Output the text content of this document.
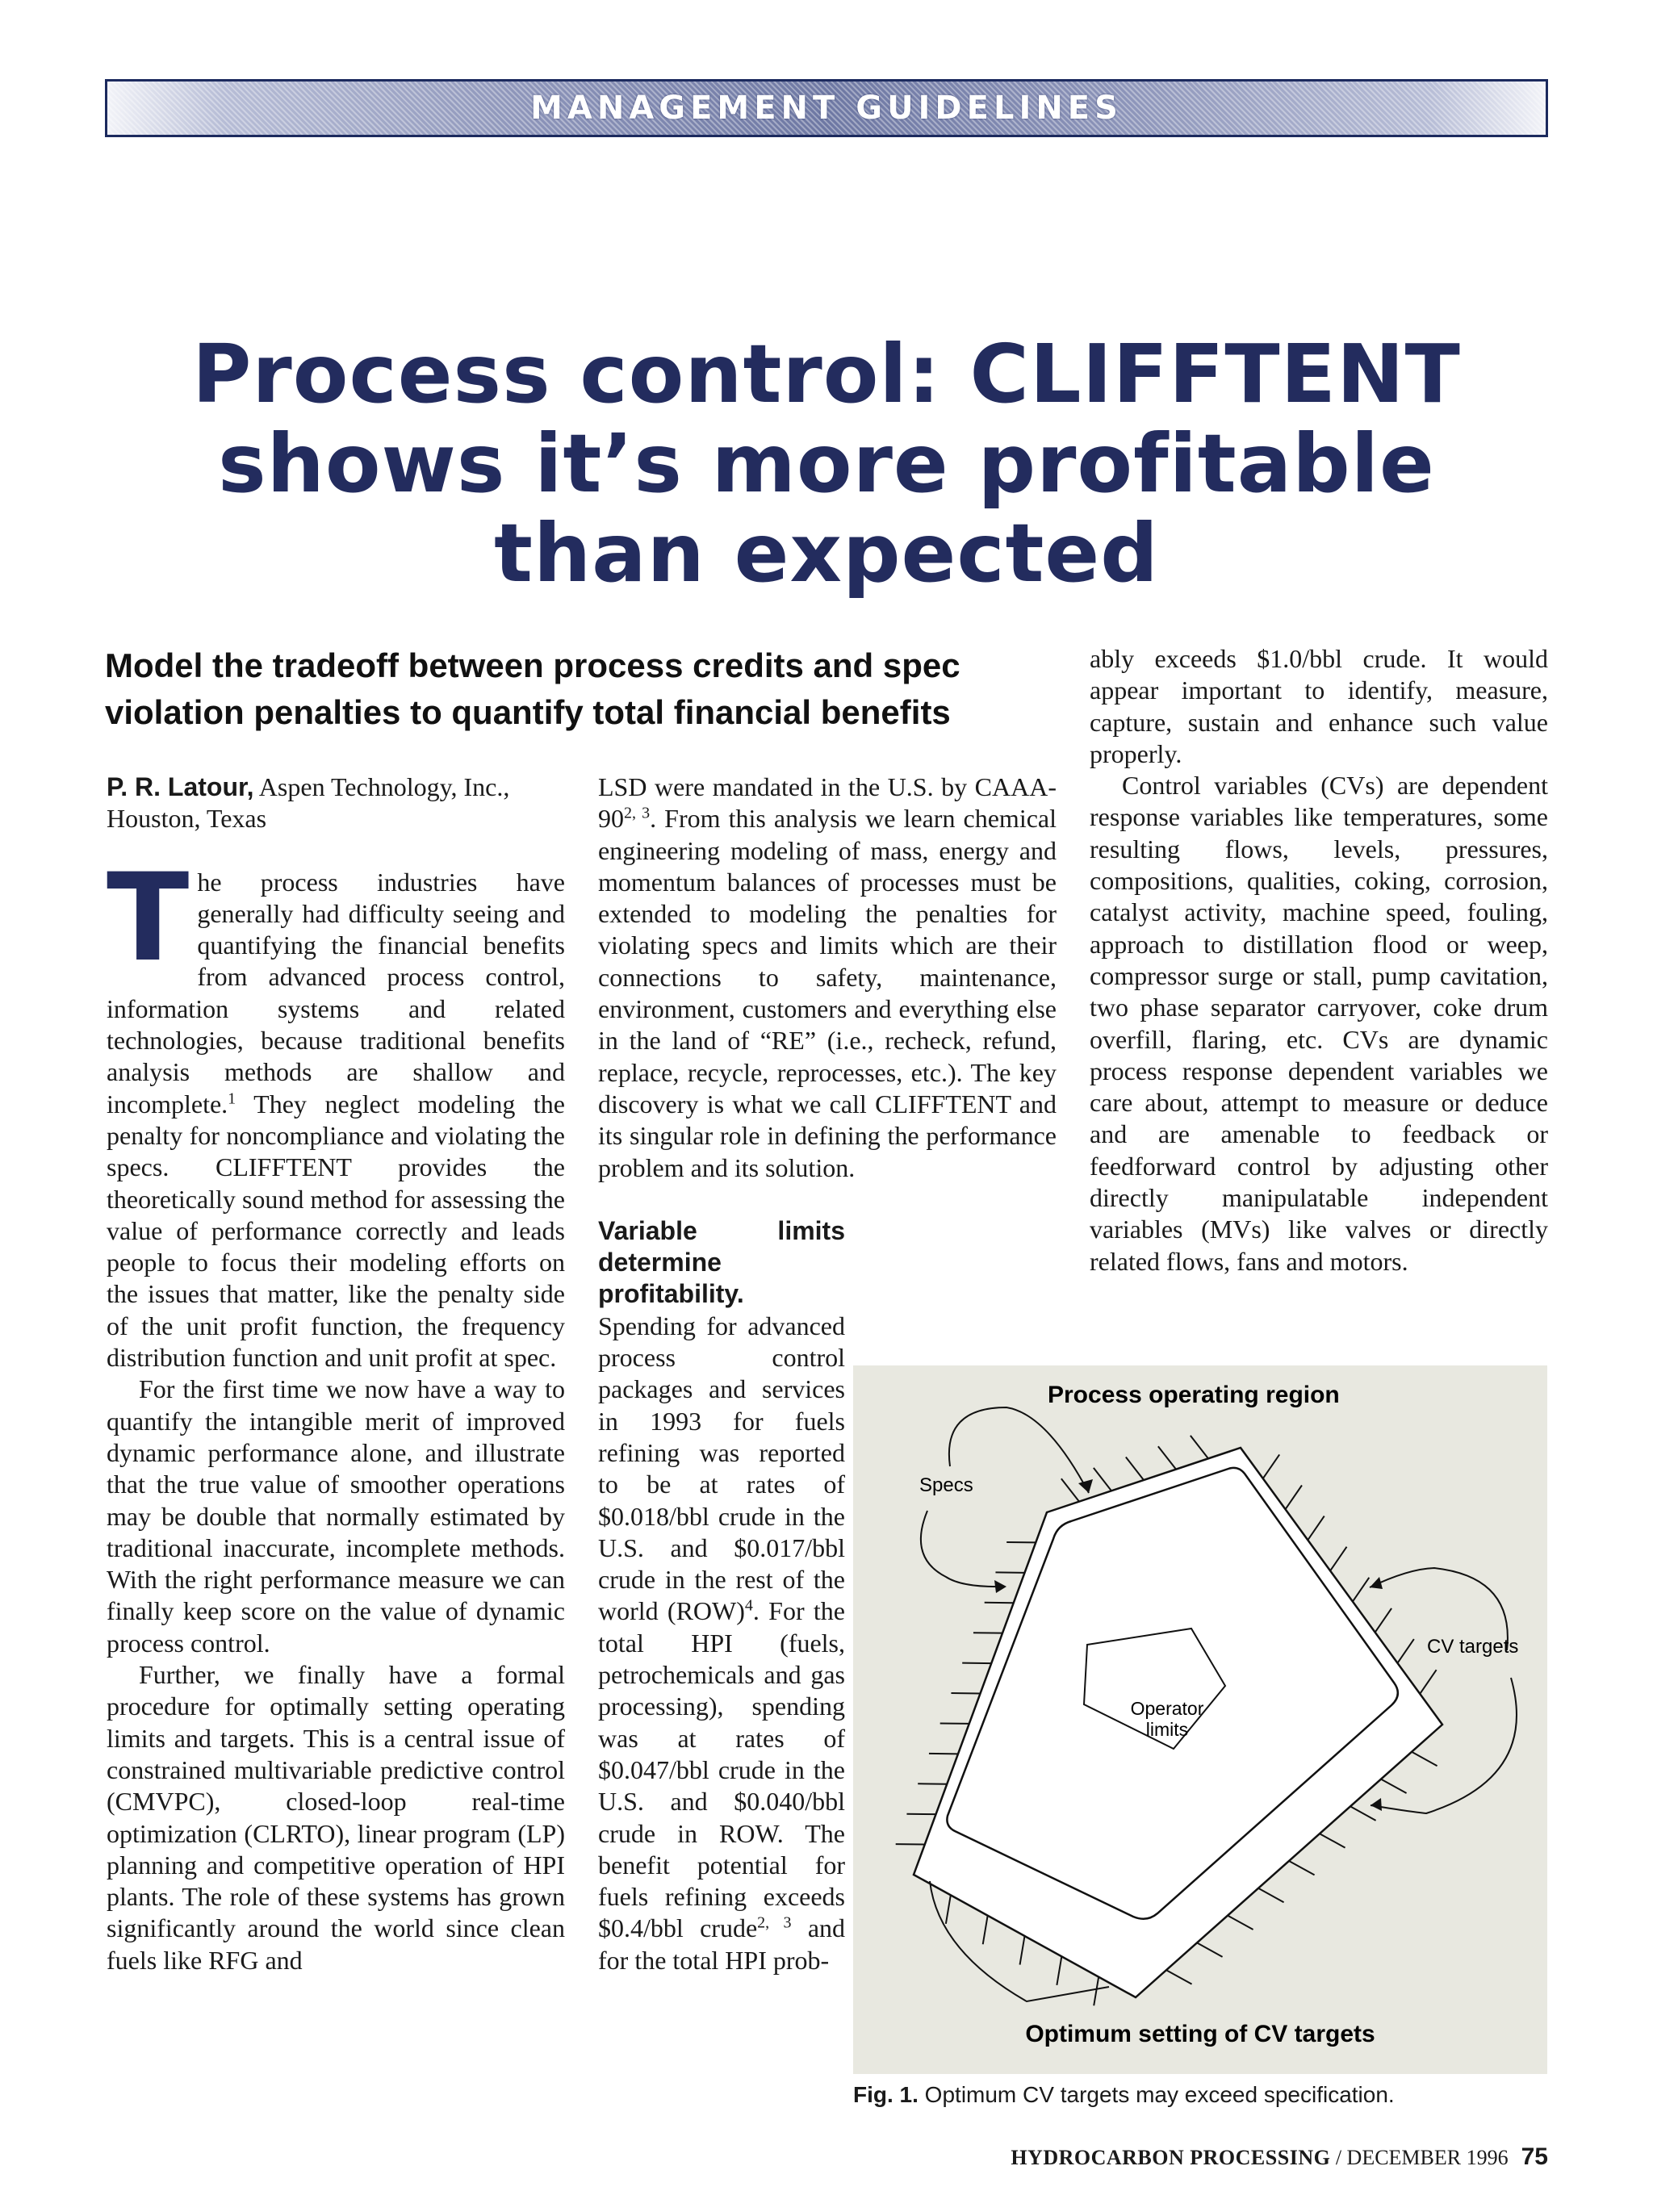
MANAGEMENT GUIDELINES
Process control: CLIFFTENT
shows it’s more profitable
than expected

Model the tradeoff between process credits and spec violation penalties to quantify total financial benefits

P. R. Latour, Aspen Technology, Inc., Houston, Texas

The process industries have generally had difficulty seeing and quantifying the financial benefits from advanced process control, information systems and related technologies, because traditional benefits analysis methods are shallow and incomplete.$^1$ They neglect modeling the penalty for noncompliance and violating the specs. CLIFFTENT provides the theoretically sound method for assessing the value of performance correctly and leads people to focus their modeling efforts on the issues that matter, like the penalty side of the unit profit function, the frequency distribution function and unit profit at spec.

For the first time we now have a way to quantify the intangible merit of improved dynamic performance alone, and illustrate that the true value of smoother operations may be double that normally estimated by traditional inaccurate, incomplete methods. With the right performance measure we can finally keep score on the value of dynamic process control.

Further, we finally have a formal procedure for optimally setting operating limits and targets. This is a central issue of constrained multivariable predictive control (CMVPC), closed-loop real-time optimization (CLRTO), linear program (LP) planning and competitive operation of HPI plants. The role of these systems has grown significantly around the world since clean fuels like RFG and

LSD were mandated in the U.S. by CAAA-90$^{2, 3}$. From this analysis we learn chemical engineering modeling of mass, energy and momentum balances of processes must be extended to modeling the penalties for violating specs and limits which are their connections to safety, maintenance, environment, customers and everything else in the land of “RE” (i.e., recheck, refund, replace, recycle, reprocesses, etc.). The key discovery is what we call CLIFFTENT and its singular role in defining the performance problem and its solution.

Variable limits determine profitability. Spending for advanced process control packages and services in 1993 for fuels refining was reported to be at rates of $0.018/bbl crude in the U.S. and $0.017/bbl crude in the rest of the world (ROW)$^4$. For the total HPI (fuels, petrochemicals and gas processing), spending was at rates of $0.047/bbl crude in the U.S. and $0.040/bbl crude in ROW. The benefit potential for fuels refining exceeds $0.4/bbl crude$^{2, 3}$ and for the total HPI prob-

ably exceeds $1.0/bbl crude. It would appear important to identify, measure, capture, sustain and enhance such value properly.

Control variables (CVs) are dependent response variables like temperatures, some resulting flows, levels, pressures, compositions, qualities, coking, corrosion, catalyst activity, machine speed, fouling, approach to distillation flood or weep, compressor surge or stall, pump cavitation, two phase separator carryover, coke drum overfill, flaring, etc. CVs are dynamic process response dependent variables we care about, attempt to measure or deduce and are amenable to feedback or feedforward control by adjusting other directly manipulatable independent variables (MVs) like valves or directly related flows, fans and motors.

Process operating region
Specs
CV targets
Operator
limits
Optimum setting of CV targets
Fig. 1. Optimum CV targets may exceed specification.
HYDROCARBON PROCESSING / DECEMBER 1996 75
